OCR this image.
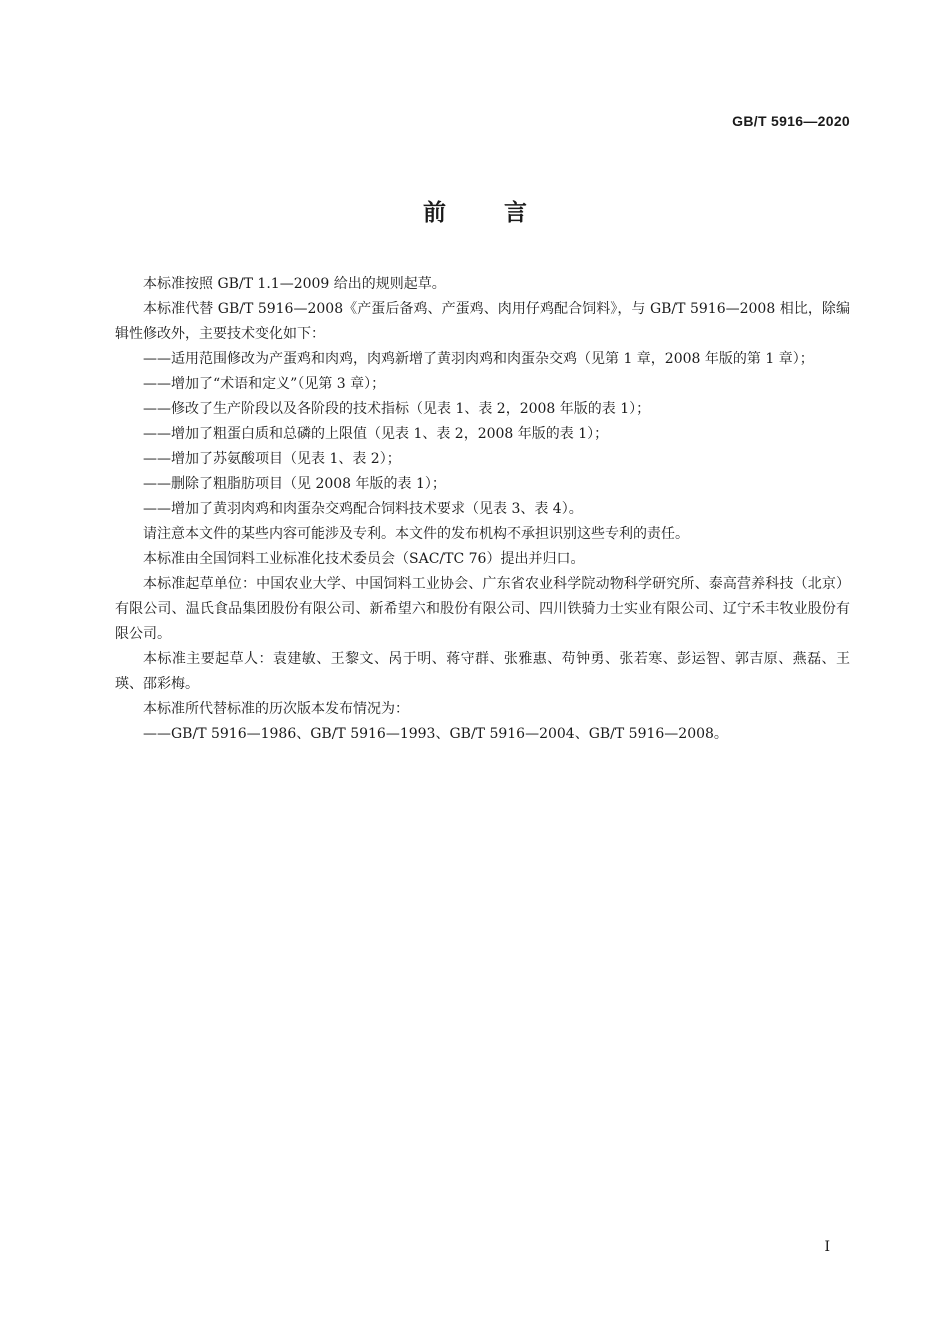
GB/T 5916—2020
前言

本标准按照 GB/T 1.1—2009 给出的规则起草。

本标准代替 GB/T 5916—2008《产蛋后备鸡、产蛋鸡、肉用仔鸡配合饲料》，与 GB/T 5916—2008 相比，除编辑性修改外，主要技术变化如下：

——适用范围修改为产蛋鸡和肉鸡，肉鸡新增了黄羽肉鸡和肉蛋杂交鸡（见第 1 章，2008 年版的第 1 章）；

——增加了“术语和定义”（见第 3 章）；

——修改了生产阶段以及各阶段的技术指标（见表 1、表 2，2008 年版的表 1）；

——增加了粗蛋白质和总磷的上限值（见表 1、表 2，2008 年版的表 1）；

——增加了苏氨酸项目（见表 1、表 2）；

——删除了粗脂肪项目（见 2008 年版的表 1）；

——增加了黄羽肉鸡和肉蛋杂交鸡配合饲料技术要求（见表 3、表 4）。

请注意本文件的某些内容可能涉及专利。本文件的发布机构不承担识别这些专利的责任。

本标准由全国饲料工业标准化技术委员会（SAC/TC 76）提出并归口。

本标准起草单位：中国农业大学、中国饲料工业协会、广东省农业科学院动物科学研究所、泰高营养科技（北京）有限公司、温氏食品集团股份有限公司、新希望六和股份有限公司、四川铁骑力士实业有限公司、辽宁禾丰牧业股份有限公司。

本标准主要起草人：袁建敏、王黎文、呙于明、蒋守群、张雅惠、苟钟勇、张若寒、彭运智、郭吉原、燕磊、王瑛、邵彩梅。

本标准所代替标准的历次版本发布情况为：

——GB/T 5916—1986、GB/T 5916—1993、GB/T 5916—2004、GB/T 5916—2008。

I
